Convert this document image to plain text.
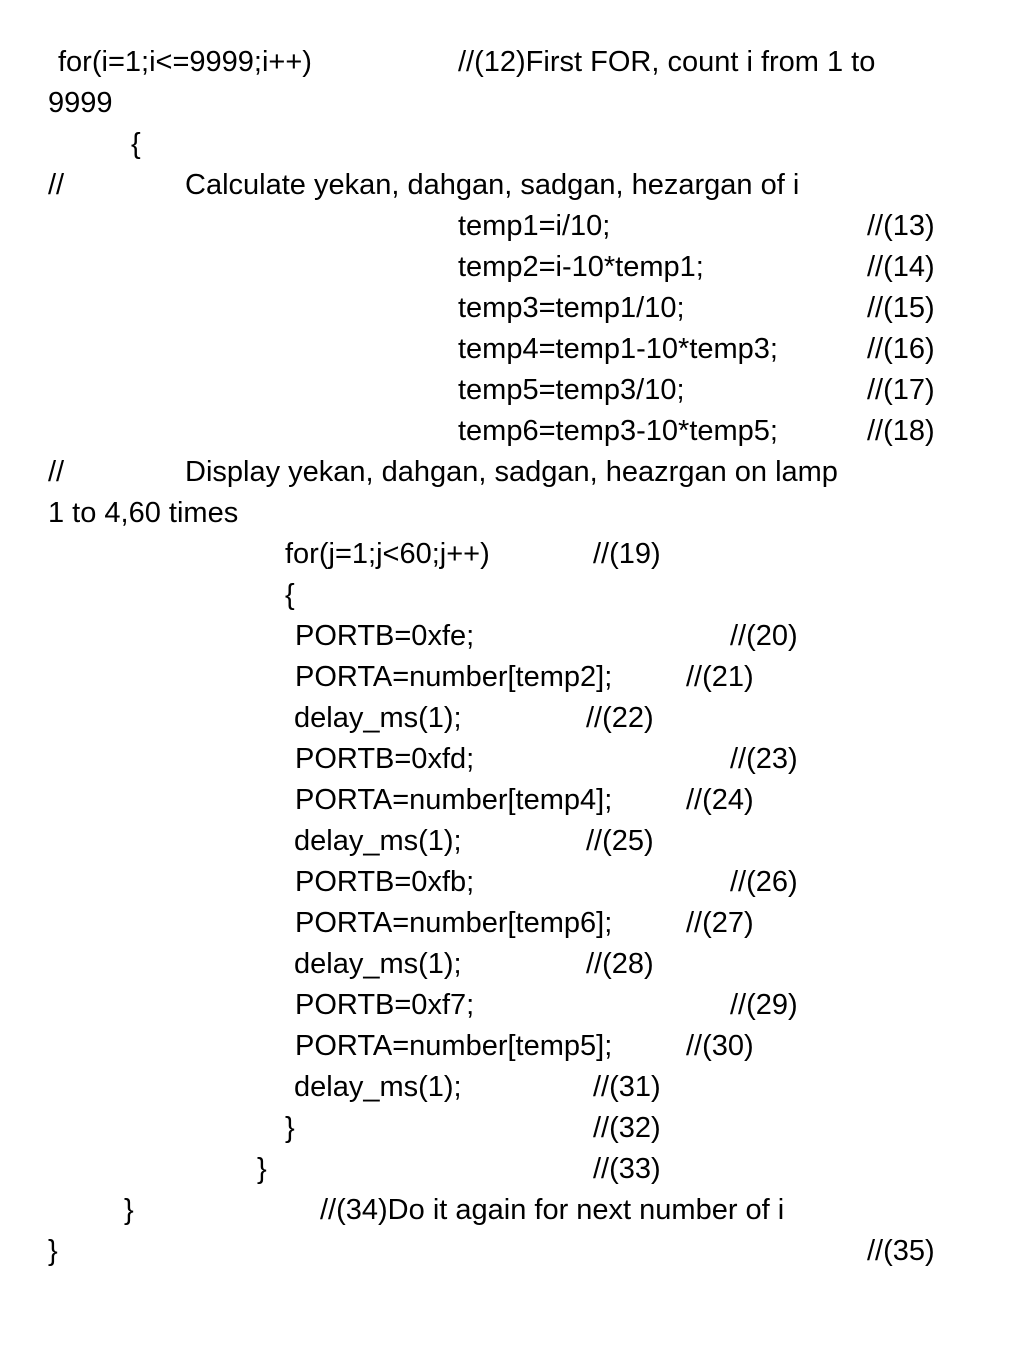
for(i=1;i<=9999;i++)	//(12)First FOR, count i from 1 to
9999
{
//	Calculate yekan, dahgan, sadgan, hezargan of i
temp1=i/10;	//(13)
temp2=i-10*temp1;	//(14)
temp3=temp1/10;	//(15)
temp4=temp1-10*temp3;	//(16)
temp5=temp3/10;	//(17)
temp6=temp3-10*temp5;	//(18)
//	Display yekan, dahgan, sadgan, heazrgan on lamp
1 to 4,60 times
for(j=1;j<60;j++)	//(19)
{
PORTB=0xfe;	//(20)
PORTA=number[temp2];	//(21)
delay_ms(1);	//(22)
PORTB=0xfd;	//(23)
PORTA=number[temp4];	//(24)
delay_ms(1);	//(25)
PORTB=0xfb;	//(26)
PORTA=number[temp6];	//(27)
delay_ms(1);	//(28)
PORTB=0xf7;	//(29)
PORTA=number[temp5];	//(30)
delay_ms(1);	//(31)
}	//(32)
}	//(33)
}	//(34)Do it again for next number of i
}	//(35)
